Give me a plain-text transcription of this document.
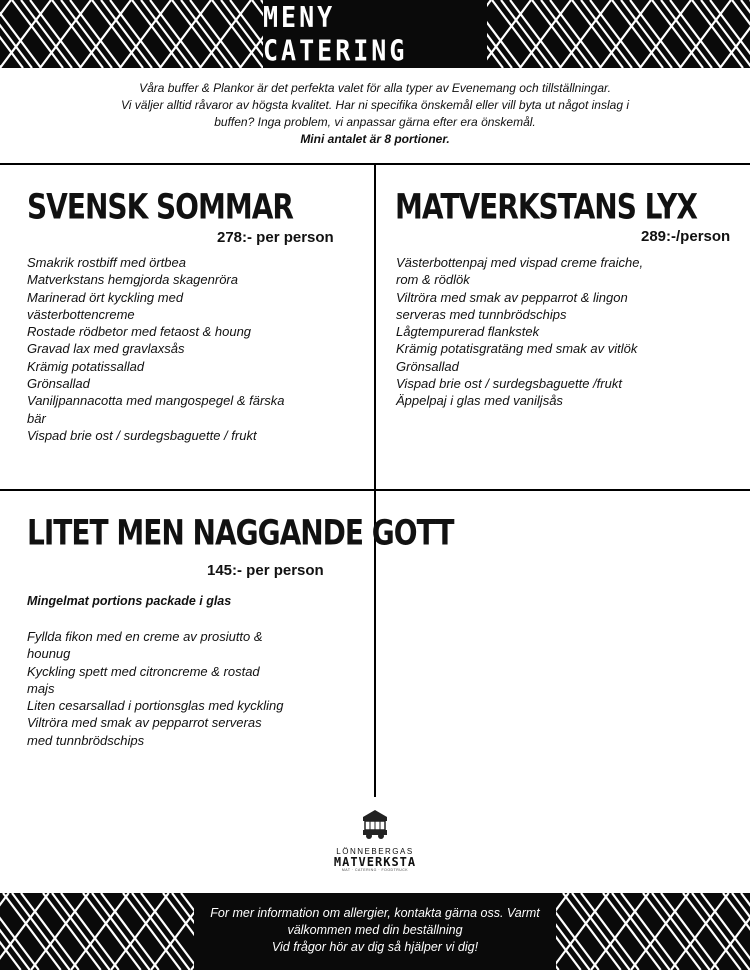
MENY CATERING

Våra buffer & Plankor är det perfekta valet för alla typer av Evenemang och tillställningar.

Vi väljer alltid råvaror av högsta kvalitet. Har ni specifika önskemål eller vill byta ut något inslag i

buffen? Inga problem, vi anpassar gärna efter era önskemål.

Mini antalet är 8 portioner.

SVENSK SOMMAR
278:- per person
Smakrik rostbiff med örtbea
Matverkstans hemgjorda skagenröra
Marinerad ört kyckling med
västerbottencreme
Rostade rödbetor med fetaost & houng
Gravad lax med gravlaxsås
Krämig potatissallad
Grönsallad
Vaniljpannacotta med mangospegel & färska
bär
Vispad brie ost / surdegsbaguette / frukt
MATVERKSTANS LYX
289:-/person
Västerbottenpaj med vispad creme fraiche,
rom & rödlök
Viltröra med smak av pepparrot & lingon
serveras med tunnbrödschips
Lågtempurerad flankstek
Krämig potatisgratäng med smak av vitlök
Grönsallad
Vispad brie ost / surdegsbaguette /frukt
Äppelpaj i glas med vaniljsås
LITET MEN NAGGANDE GOTT
145:- per person
Mingelmat portions packade i glas
Fyllda fikon med en creme av prosiutto &
hounug
Kyckling spett med citroncreme & rostad
majs
Liten cesarsallad i portionsglas med kyckling
Viltröra med smak av pepparrot serveras
med tunnbrödschips
LÖNNEBERGAS
MATVERKSTA
MAT · CATERING · FOODTRUCK

For mer information om allergier, kontakta gärna oss. Varmt

välkommen med din beställning

Vid frågor hör av dig så hjälper vi dig!
